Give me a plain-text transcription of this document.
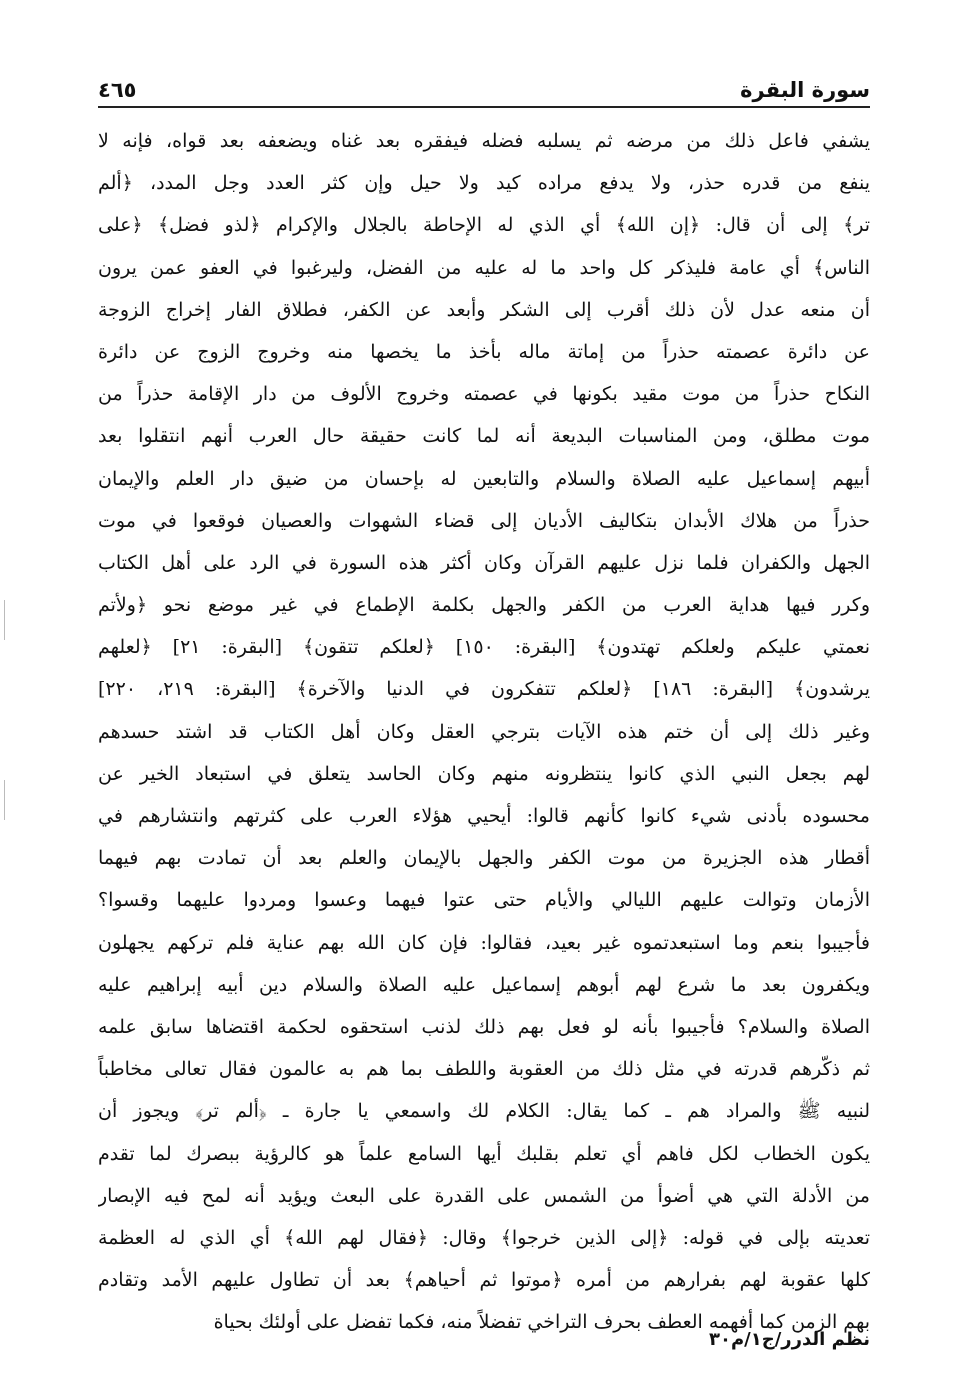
سورة البقرة
٤٦٥
يشفي فاعل ذلك من مرضه ثم يسلبه فضله فيفقره بعد غناه ويضعفه بعد قواه، فإنه لا
ينفع من قدره حذر، ولا يدفع مراده كيد ولا حيل وإن كثر العدد وجل المدد، ﴿ألم
تر﴾ إلى أن قال: ﴿إن الله﴾ أي الذي له الإحاطة بالجلال والإكرام ﴿لذو فضل﴾ ﴿على
الناس﴾ أي عامة فليذكر كل واحد ما له عليه من الفضل، وليرغبوا في العفو عمن يرون
أن منعه عدل لأن ذلك أقرب إلى الشكر وأبعد عن الكفر، فطلاق الفار إخراج الزوجة
عن دائرة عصمته حذراً من إماتة ماله بأخذ ما يخصها منه وخروج الزوج عن دائرة
النكاح حذراً من موت مقيد بكونها في عصمته وخروج الألوف من دار الإقامة حذراً من
موت مطلق، ومن المناسبات البديعة أنه لما كانت حقيقة حال العرب أنهم انتقلوا بعد
أبيهم إسماعيل عليه الصلاة والسلام والتابعين له بإحسان من ضيق دار العلم والإيمان
حذراً من هلاك الأبدان بتكاليف الأديان إلى قضاء الشهوات والعصيان فوقعوا في موت
الجهل والكفران فلما نزل عليهم القرآن وكان أكثر هذه السورة في الرد على أهل الكتاب
وكرر فيها هداية العرب من الكفر والجهل بكلمة الإطماع في غير موضع نحو ﴿ولأتم
نعمتي عليكم ولعلكم تهتدون﴾ [البقرة: ١٥٠] ﴿لعلكم تتقون﴾ [البقرة: ٢١] ﴿لعلهم
يرشدون﴾ [البقرة: ١٨٦] ﴿لعلكم تتفكرون في الدنيا والآخرة﴾ [البقرة: ٢١٩، ٢٢٠]
وغير ذلك إلى أن ختم هذه الآيات بترجي العقل وكان أهل الكتاب قد اشتد حسدهم
لهم بجعل النبي الذي كانوا ينتظرونه منهم وكان الحاسد يتعلق في استبعاد الخير عن
محسوده بأدنى شيء كانوا كأنهم قالوا: أيحيي هؤلاء العرب على كثرتهم وانتشارهم في
أقطار هذه الجزيرة من موت الكفر والجهل بالإيمان والعلم بعد أن تمادت بهم فيهما
الأزمان وتوالت عليهم الليالي والأيام حتى عتوا فيهما وعسوا ومردوا عليهما وقسوا؟
فأجيبوا بنعم وما استبعدتموه غير بعيد، فقالوا: فإن كان الله بهم عناية فلم تركهم يجهلون
ويكفرون بعد ما شرع لهم أبوهم إسماعيل عليه الصلاة والسلام دين أبيه إبراهيم عليه
الصلاة والسلام؟ فأجيبوا بأنه لو فعل بهم ذلك لذنب استحقوه لحكمة اقتضاها سابق علمه
ثم ذكّرهم قدرته في مثل ذلك من العقوبة واللطف بما هم به عالمون فقال تعالى مخاطباً
لنبيه ﷺ والمراد هم ـ كما يقال: الكلام لك واسمعي يا جارة ـ ﴿ألم تر﴾ ويجوز أن
يكون الخطاب لكل فاهم أي تعلم بقلبك أيها السامع علماً هو كالرؤية ببصرك لما تقدم
من الأدلة التي هي أضوأ من الشمس على القدرة على البعث ويؤيد أنه لمح فيه الإبصار
تعديته بإلى في قوله: ﴿إلى الذين خرجوا﴾ وقال: ﴿فقال لهم الله﴾ أي الذي له العظمة
كلها عقوبة لهم بفرارهم من أمره ﴿موتوا ثم أحياهم﴾ بعد أن تطاول عليهم الأمد وتقادم
بهم الزمن كما أفهمه العطف بحرف التراخي تفضلاً منه، فكما تفضل على أولئك بحياة
نظم الدرر/ج١/م٣٠
